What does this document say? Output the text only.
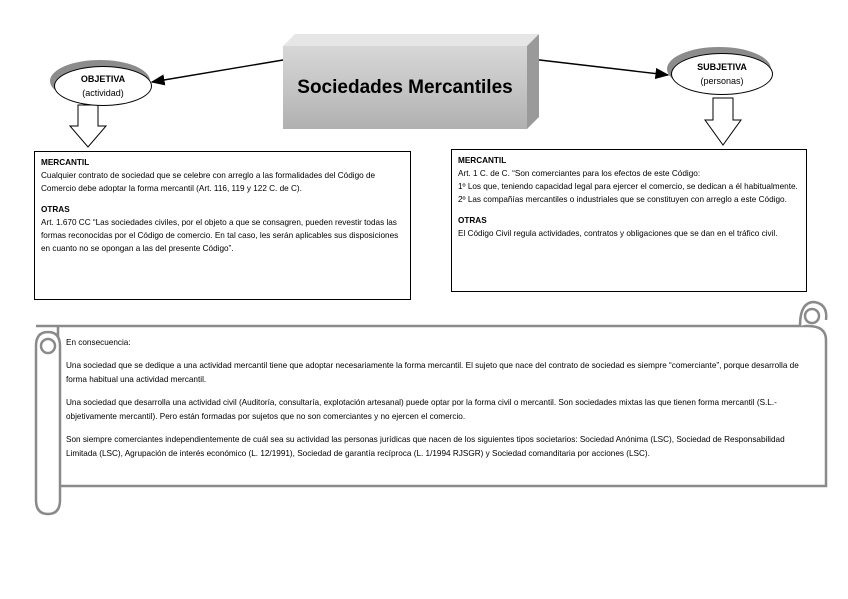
Sociedades Mercantiles
OBJETIVA
(actividad)
SUBJETIVA
(personas)
MERCANTIL
Cualquier contrato de sociedad que se celebre con arreglo a las formalidades del Código de Comercio debe adoptar la forma mercantil (Art. 116, 119 y 122 C. de C).
OTRAS
Art. 1.670 CC “Las sociedades civiles, por el objeto a que se consagren, pueden revestir todas las formas reconocidas por el Código de comercio. En tal caso, les serán aplicables sus disposiciones en cuanto no se opongan a las del presente Código”.
MERCANTIL
Art. 1 C. de C. “Son comerciantes para los efectos de este Código:
1º Los que, teniendo capacidad legal para ejercer el comercio, se dedican a él habitualmente.
2º Las compañías mercantiles o industriales que se constituyen con arreglo a este Código.
OTRAS
El Código Civil regula actividades, contratos y obligaciones que se dan en el tráfico civil.

En consecuencia:

Una sociedad que se dedique a una actividad mercantil tiene que adoptar necesariamente la forma mercantil. El sujeto que nace del contrato de sociedad es siempre “comerciante”, porque desarrolla de forma habitual una actividad mercantil.

Una sociedad que desarrolla una actividad civil (Auditoría, consultaría, explotación artesanal) puede optar por la forma civil o mercantil. Son sociedades mixtas las que tienen forma mercantil (S.L.- objetivamente mercantil). Pero están formadas por sujetos que no son comerciantes y no ejercen el comercio.

Son siempre comerciantes independientemente de cuál sea su actividad las personas jurídicas que nacen de los siguientes tipos societarios: Sociedad Anónima (LSC), Sociedad de Responsabilidad Limitada (LSC), Agrupación de interés económico (L. 12/1991), Sociedad de garantía recíproca (L. 1/1994 RJSGR) y Sociedad comanditaria por acciones (LSC).
